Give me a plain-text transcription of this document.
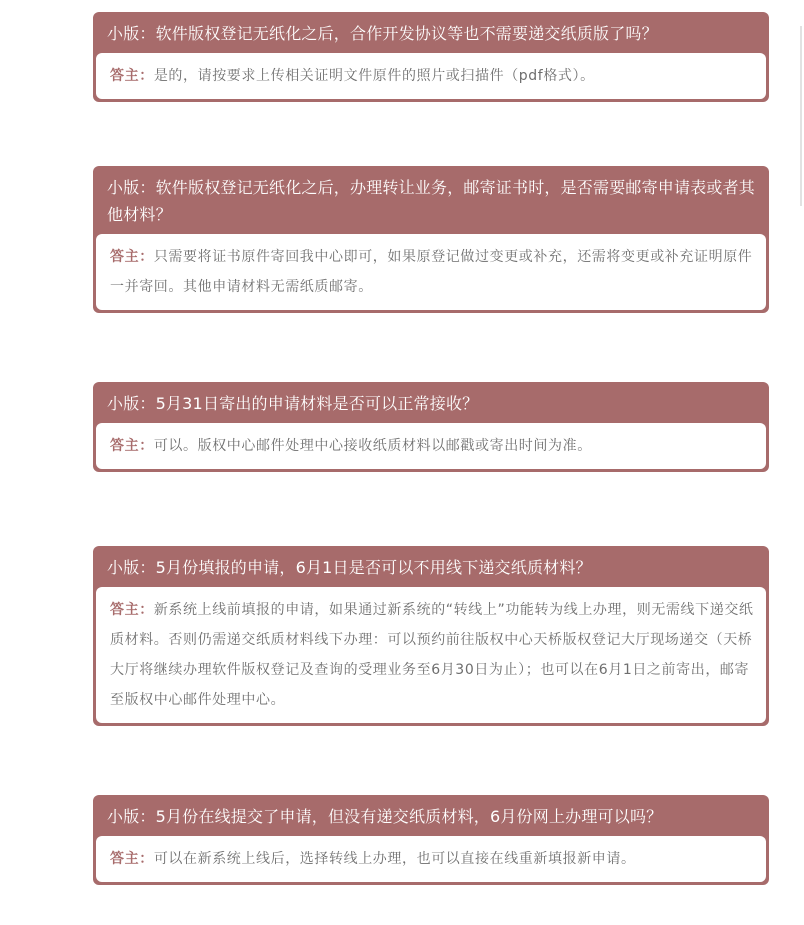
小版：软件版权登记无纸化之后，合作开发协议等也不需要递交纸质版了吗？
答主：是的，请按要求上传相关证明文件原件的照片或扫描件（pdf格式）。
小版：软件版权登记无纸化之后，办理转让业务，邮寄证书时，是否需要邮寄申请表或者其他材料？
答主：只需要将证书原件寄回我中心即可，如果原登记做过变更或补充，还需将变更或补充证明原件一并寄回。其他申请材料无需纸质邮寄。
小版：5月31日寄出的申请材料是否可以正常接收？
答主：可以。版权中心邮件处理中心接收纸质材料以邮戳或寄出时间为准。
小版：5月份填报的申请，6月1日是否可以不用线下递交纸质材料？
答主：新系统上线前填报的申请，如果通过新系统的“转线上”功能转为线上办理，则无需线下递交纸质材料。否则仍需递交纸质材料线下办理：可以预约前往版权中心天桥版权登记大厅现场递交（天桥大厅将继续办理软件版权登记及查询的受理业务至6月30日为止）；也可以在6月1日之前寄出，邮寄至版权中心邮件处理中心。
小版：5月份在线提交了申请，但没有递交纸质材料，6月份网上办理可以吗？
答主：可以在新系统上线后，选择转线上办理，也可以直接在线重新填报新申请。
